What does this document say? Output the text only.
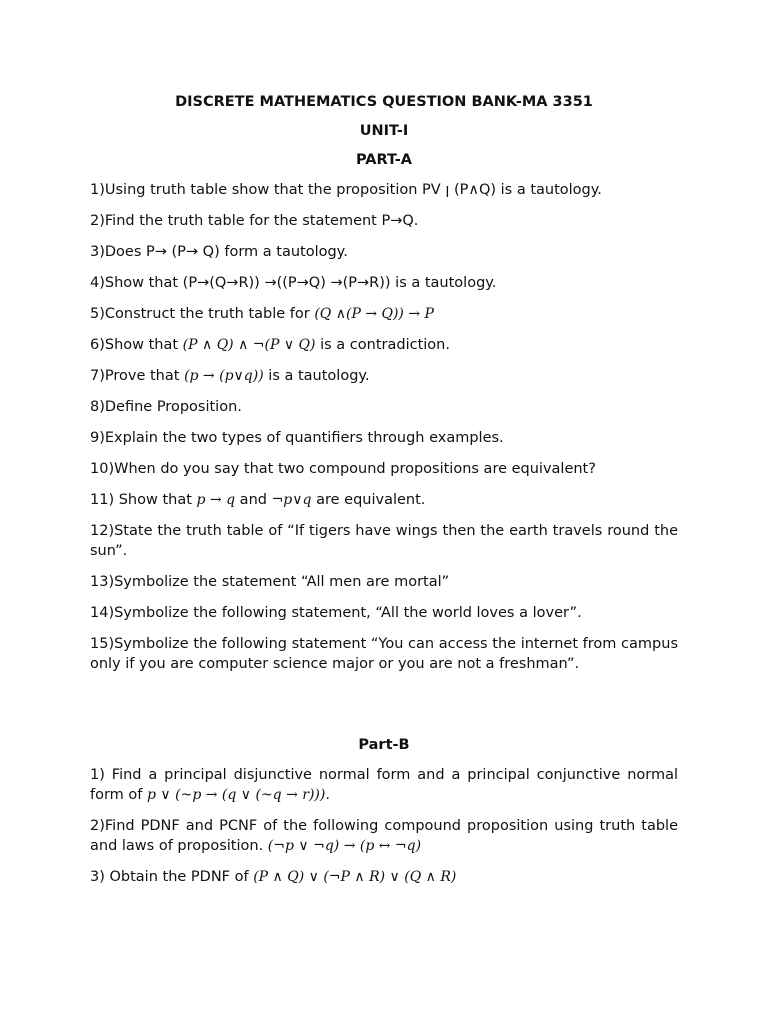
DISCRETE MATHEMATICS QUESTION BANK-MA 3351

UNIT-I

PART-A

1)Using truth table show that the proposition PV ꞁ (P∧Q) is a tautology.

2)Find the truth table for the statement P→Q.

3)Does P→ (P→ Q) form a tautology.

4)Show that (P→(Q→R)) →((P→Q) →(P→R)) is a tautology.

5)Construct the truth table for (Q ∧(P → Q)) → P

6)Show that (P ∧ Q) ∧ ¬(P ∨ Q) is a contradiction.

7)Prove that (p → (p∨q)) is a tautology.

8)Define Proposition.

9)Explain the two types of quantifiers through examples.

10)When do you say that two compound propositions are equivalent?

11) Show that p → q and ¬p∨q are equivalent.

12)State the truth table of “If tigers have wings then the earth travels round the sun”.

13)Symbolize the statement “All men are mortal”

14)Symbolize the following statement, “All the world loves a lover”.

15)Symbolize the following statement “You can access the internet from campus only if you are computer science major or you are not a freshman”.

Part-B

1) Find a principal disjunctive normal form and a principal conjunctive normal form of p ∨ (~p → (q ∨ (~q → r))).

2)Find PDNF and PCNF of the following compound proposition using truth table and laws of proposition. (¬p ∨ ¬q) → (p ↔ ¬q)

3) Obtain the PDNF of (P ∧ Q) ∨ (¬P ∧ R) ∨ (Q ∧ R)
